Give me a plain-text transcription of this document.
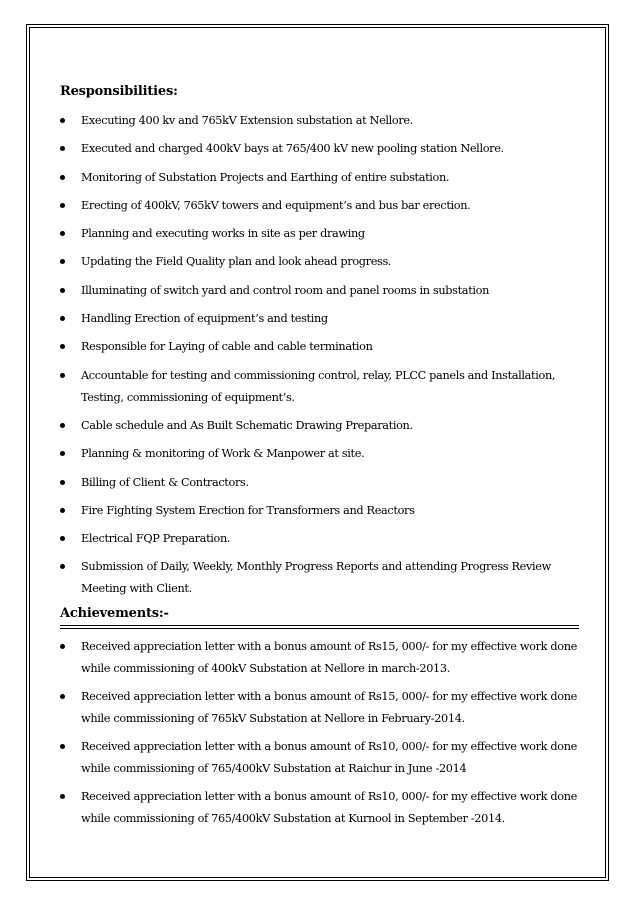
Responsibilities:
Executing 400 kv and 765kV Extension substation at Nellore.
Executed and charged 400kV bays at 765/400 kV new pooling station Nellore.
Monitoring of Substation Projects and Earthing of entire substation.
Erecting of 400kV, 765kV towers and equipment’s and bus bar erection.
Planning and executing works in site as per drawing
Updating the Field Quality plan and look ahead progress.
Illuminating of switch yard and control room and panel rooms in substation
Handling Erection of equipment’s and testing
Responsible for Laying of cable and cable termination
Accountable for testing and commissioning control, relay, PLCC panels and Installation, Testing, commissioning of equipment’s.
Cable schedule and As Built Schematic Drawing Preparation.
Planning & monitoring of Work & Manpower at site.
Billing of Client & Contractors.
Fire Fighting System Erection for Transformers and Reactors
Electrical FQP Preparation.
Submission of Daily, Weekly, Monthly Progress Reports and attending Progress Review Meeting with Client.
Achievements:-
Received appreciation letter with a bonus amount of Rs15, 000/- for my effective work done while commissioning of 400kV Substation at Nellore in march-2013.
Received appreciation letter with a bonus amount of Rs15, 000/- for my effective work done while commissioning of 765kV Substation at Nellore in February-2014.
Received appreciation letter with a bonus amount of Rs10, 000/- for my effective work done while commissioning of 765/400kV Substation at Raichur in June -2014
Received appreciation letter with a bonus amount of Rs10, 000/- for my effective work done while commissioning of 765/400kV Substation at Kurnool in September -2014.
